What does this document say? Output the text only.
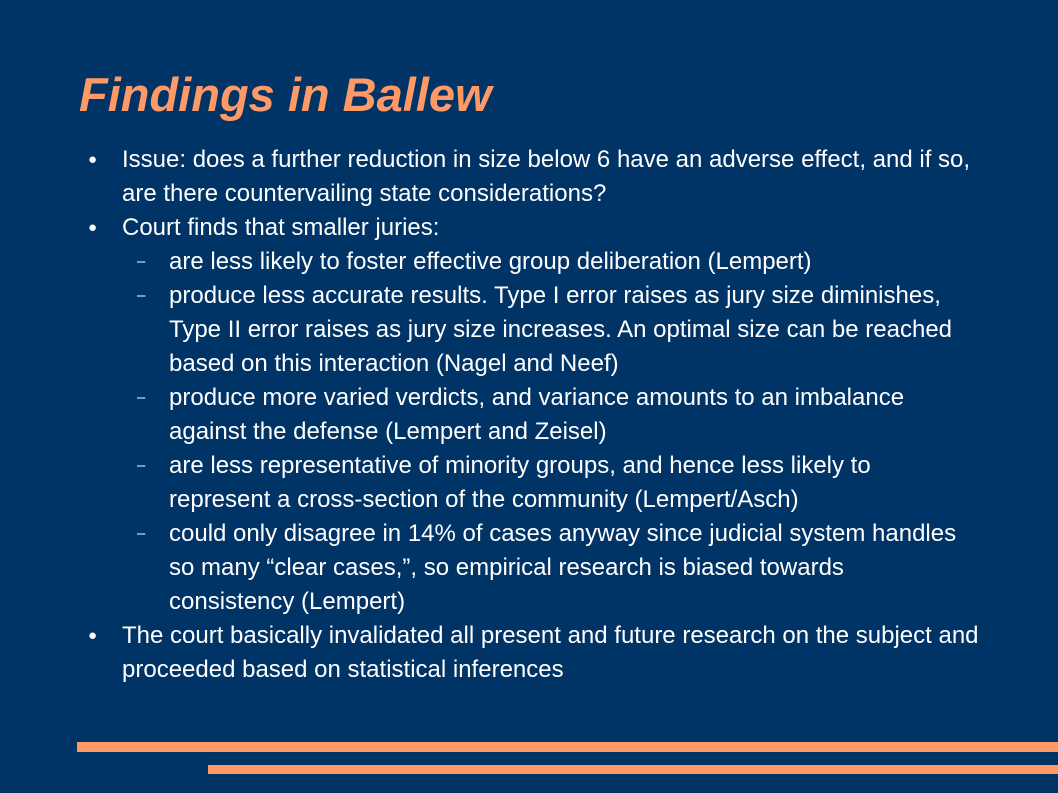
Findings in Ballew
● Issue: does a further reduction in size below 6 have an adverse effect, and if so, are there countervailing state considerations?
● Court finds that smaller juries:
– are less likely to foster effective group deliberation (Lempert)
– produce less accurate results. Type I error raises as jury size diminishes, Type II error raises as jury size increases. An optimal size can be reached based on this interaction (Nagel and Neef)
– produce more varied verdicts, and variance amounts to an imbalance against the defense (Lempert and Zeisel)
– are less representative of minority groups, and hence less likely to represent a cross-section of the community (Lempert/Asch)
– could only disagree in 14% of cases anyway since judicial system handles so many “clear cases,”, so empirical research is biased towards consistency (Lempert)
● The court basically invalidated all present and future research on the subject and proceeded based on statistical inferences
